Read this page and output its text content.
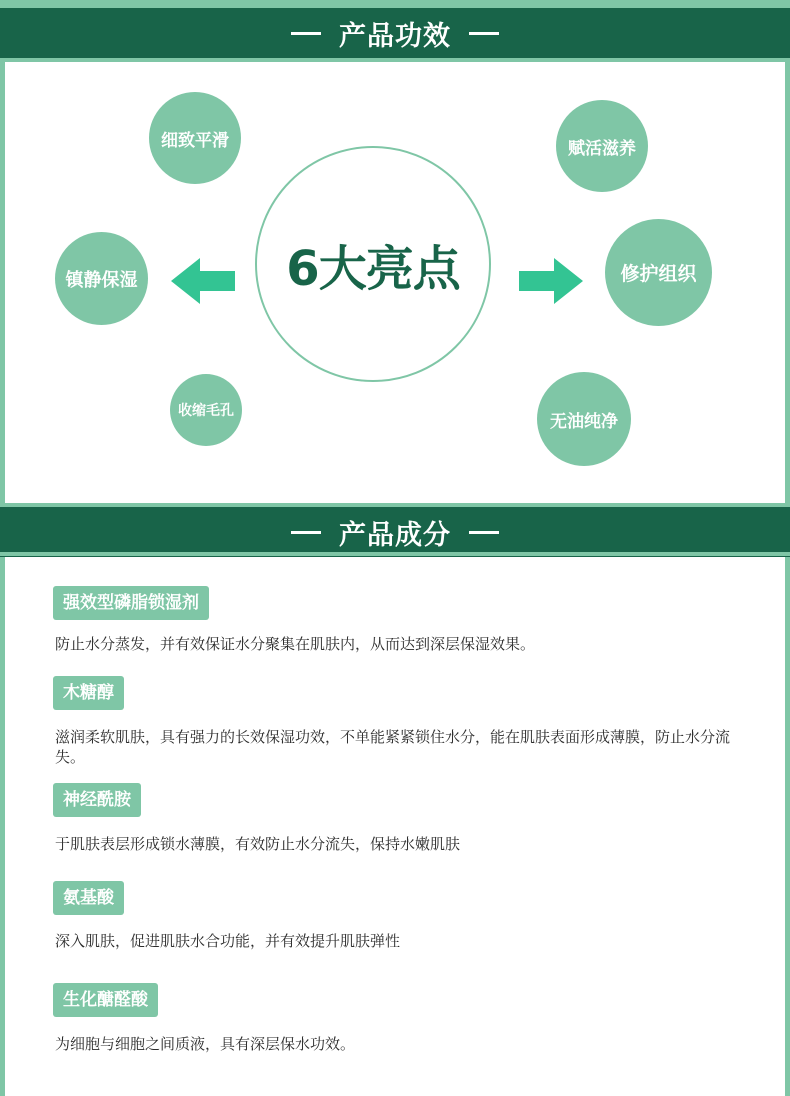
产品功效
6大亮点
细致平滑	赋活滋养
镇静保湿	修护组织
收缩毛孔
无油纯净
产品成分
强效型磷脂锁湿剂
防止水分蒸发，并有效保证水分聚集在肌肤内，从而达到深层保湿效果。
木糖醇
滋润柔软肌肤，具有强力的长效保湿功效，不单能紧紧锁住水分，能在肌肤表面形成薄膜，防止水分流失。
神经酰胺
于肌肤表层形成锁水薄膜，有效防止水分流失，保持水嫩肌肤
氨基酸
深入肌肤，促进肌肤水合功能，并有效提升肌肤弹性
生化醣醛酸
为细胞与细胞之间质液，具有深层保水功效。
